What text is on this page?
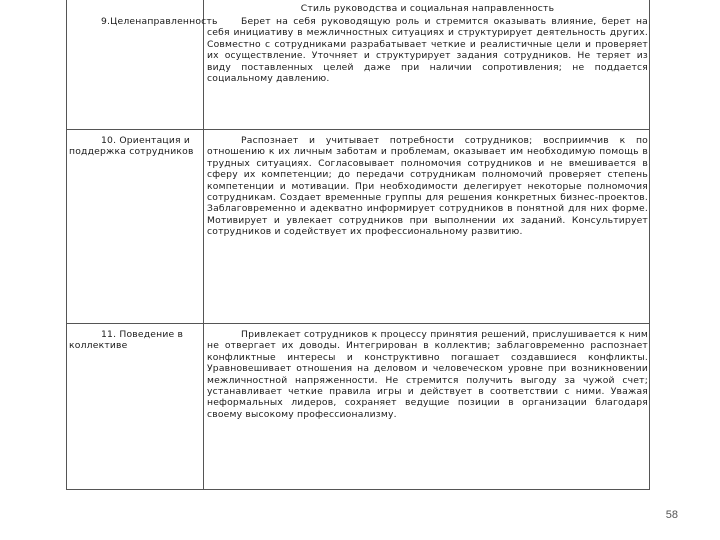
Стиль руководства и социальная направленность
9.Целенаправленность	Берет на себя руководящую роль и стремится оказывать влияние, берет на себя инициативу в межличностных ситуациях и структурирует деятельность других. Совместно с сотрудниками разрабатывает четкие и реалистичные цели и проверяет их осуществление. Уточняет и структурирует задания сотрудников. Не теряет из виду поставленных целей даже при наличии сопротивления; не поддается социальному давлению.
10. Ориентация и поддержка сотрудников
Распознает и учитывает потребности сотрудников; восприимчив к по отношению к их личным заботам и проблемам, оказывает им необходимую помощь в трудных ситуациях. Согласовывает полномочия сотрудников и не вмешивается в сферу их компетенции; до передачи сотрудникам полномочий проверяет степень компетенции и мотивации. При необходимости делегирует некоторые полномочия сотрудникам. Создает временные группы для решения конкретных бизнес-проектов. Заблаговременно и адекватно информирует сотрудников в понятной для них форме. Мотивирует и увлекает сотрудников при выполнении их заданий. Консультирует сотрудников и содействует их профессиональному развитию.
11. Поведение в коллективе
Привлекает сотрудников к процессу принятия решений, прислушивается к ним не отвергает их доводы. Интегрирован в коллектив; заблаговременно распознает конфликтные интересы и конструктивно погашает создавшиеся конфликты. Уравновешивает отношения на деловом и человеческом уровне при возникновении межличностной напряженности. Не стремится получить выгоду за чужой счет; устанавливает четкие правила игры и действует в соответствии с ними. Уважая неформальных лидеров, сохраняет ведущие позиции в организации благодаря своему высокому профессионализму.
58
